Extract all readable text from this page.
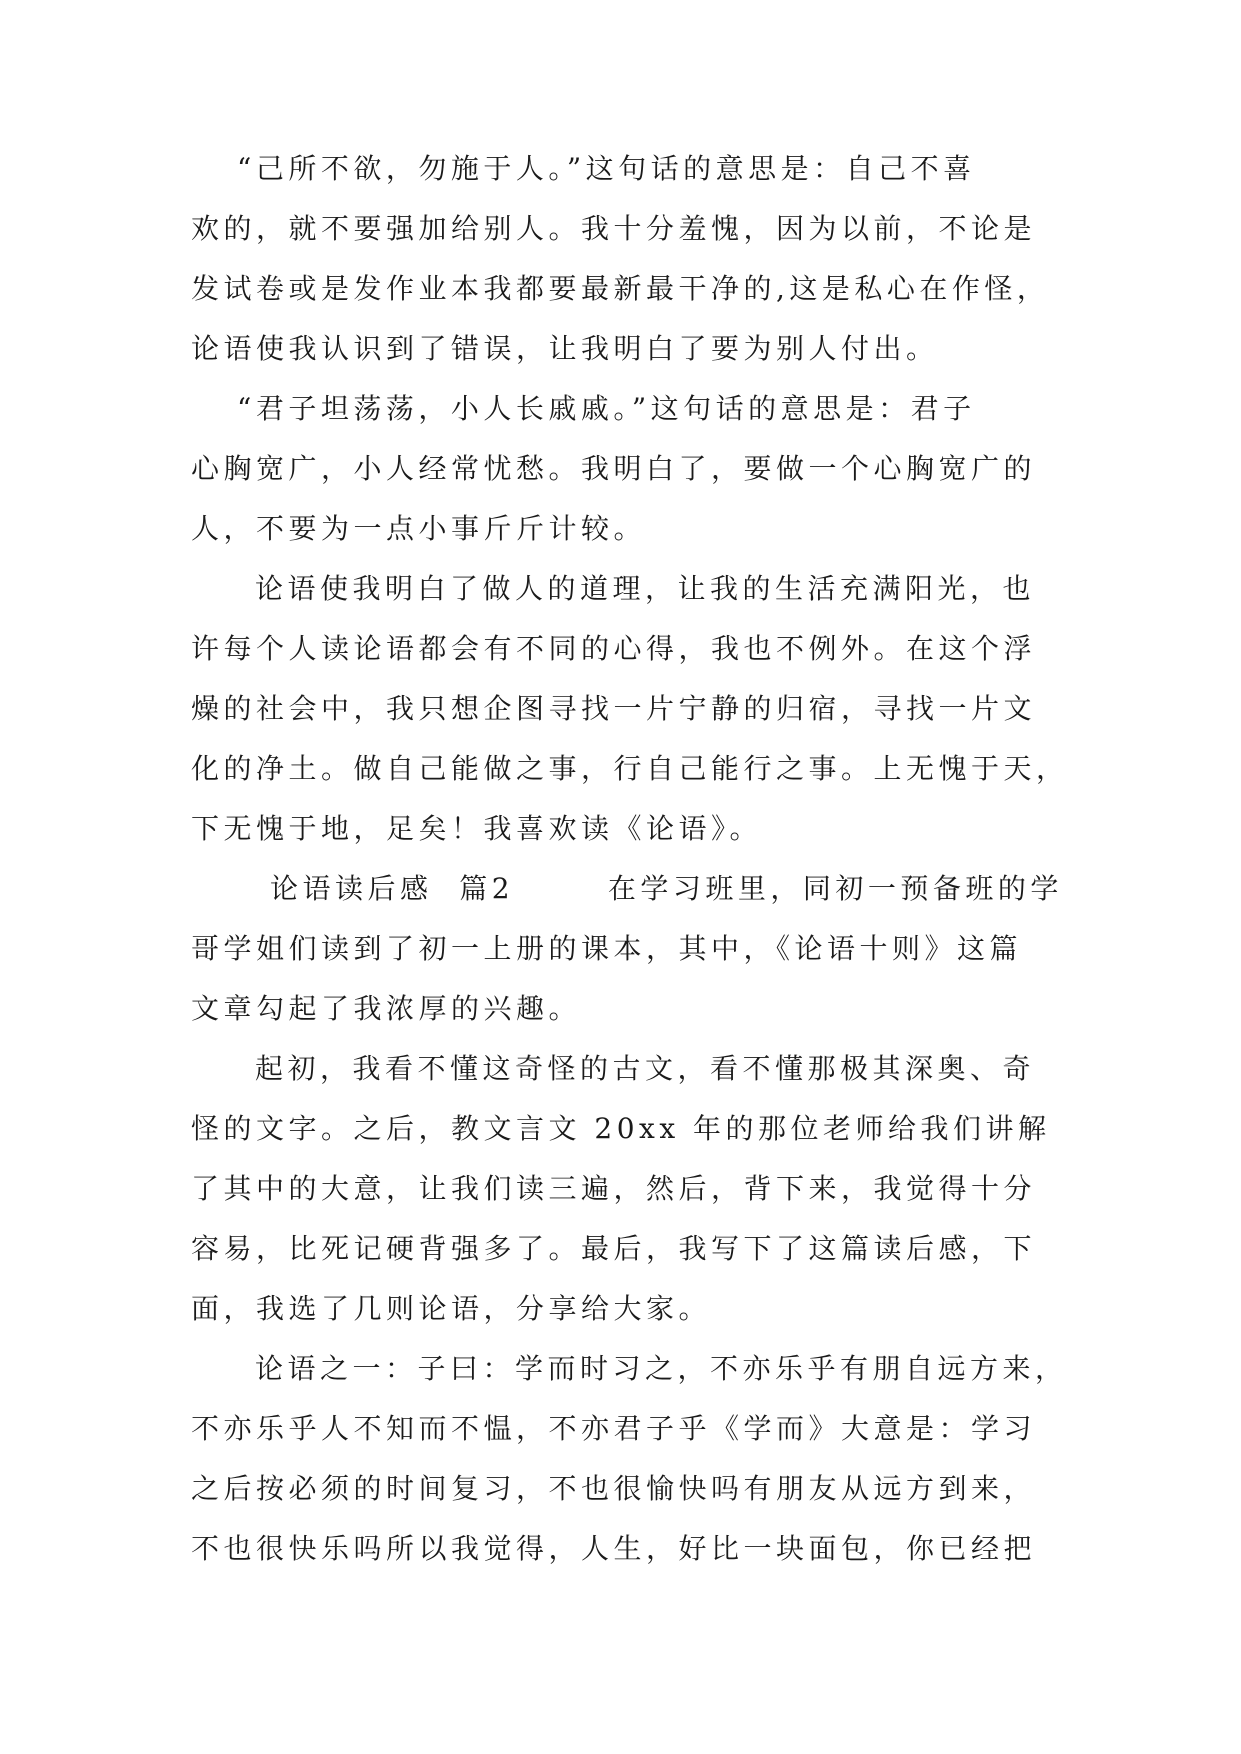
“己所不欲，勿施于人。”这句话的意思是：自己不喜
欢的，就不要强加给别人。我十分羞愧，因为以前，不论是
发试卷或是发作业本我都要最新最干净的,这是私心在作怪，
论语使我认识到了错误，让我明白了要为别人付出。
“君子坦荡荡，小人长戚戚。”这句话的意思是：君子
心胸宽广，小人经常忧愁。我明白了，要做一个心胸宽广的
人，不要为一点小事斤斤计较。
论语使我明白了做人的道理，让我的生活充满阳光，也
许每个人读论语都会有不同的心得，我也不例外。在这个浮
燥的社会中，我只想企图寻找一片宁静的归宿，寻找一片文
化的净土。做自己能做之事，行自己能行之事。上无愧于天，
下无愧于地，足矣！我喜欢读《论语》。
论语读后感  篇2       在学习班里，同初一预备班的学
哥学姐们读到了初一上册的课本，其中，《论语十则》这篇
文章勾起了我浓厚的兴趣。
起初，我看不懂这奇怪的古文，看不懂那极其深奥、奇
怪的文字。之后，教文言文 20xx 年的那位老师给我们讲解
了其中的大意，让我们读三遍，然后，背下来，我觉得十分
容易，比死记硬背强多了。最后，我写下了这篇读后感，下
面，我选了几则论语，分享给大家。
论语之一：子曰：学而时习之，不亦乐乎有朋自远方来，
不亦乐乎人不知而不愠，不亦君子乎《学而》大意是：学习
之后按必须的时间复习，不也很愉快吗有朋友从远方到来，
不也很快乐吗所以我觉得，人生，好比一块面包，你已经把
